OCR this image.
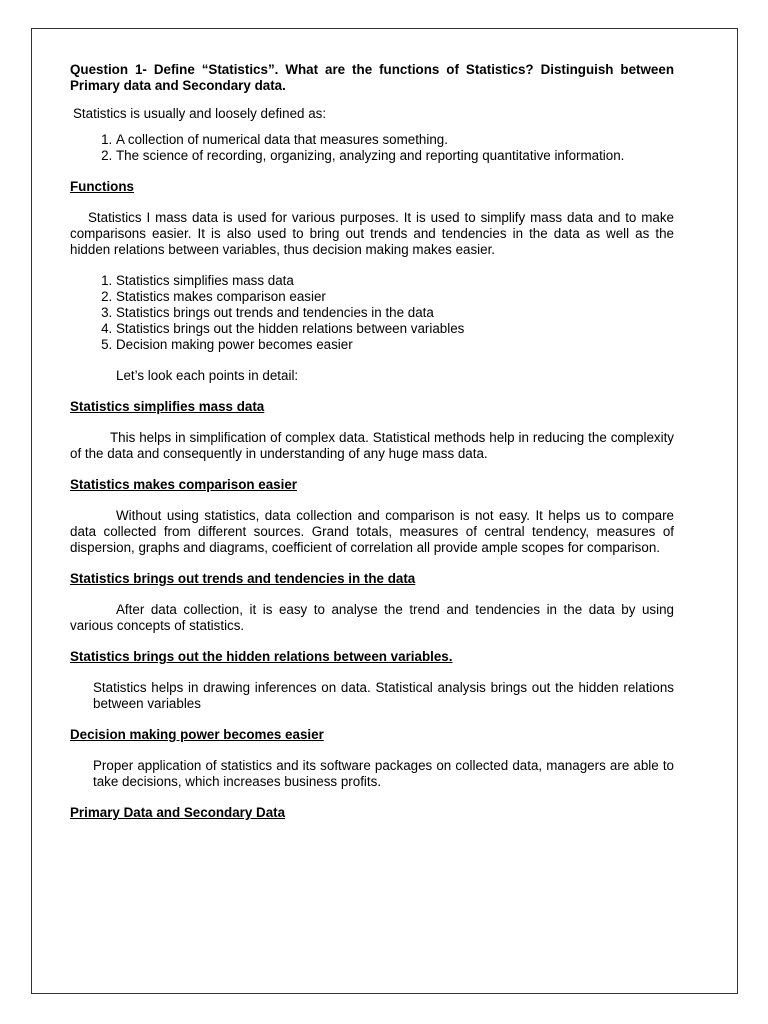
Question 1- Define “Statistics”. What are the functions of Statistics? Distinguish between Primary data and Secondary data.

Statistics is usually and loosely defined as:

1. A collection of numerical data that measures something.
2. The science of recording, organizing, analyzing and reporting quantitative information.

Functions

Statistics I mass data is used for various purposes. It is used to simplify mass data and to make comparisons easier. It is also used to bring out trends and tendencies in the data as well as the hidden relations between variables, thus decision making makes easier.

1. Statistics simplifies mass data
2. Statistics makes comparison easier
3. Statistics brings out trends and tendencies in the data
4. Statistics brings out the hidden relations between variables
5. Decision making power becomes easier

Let’s look each points in detail:

Statistics simplifies mass data

This helps in simplification of complex data. Statistical methods help in reducing the complexity of the data and consequently in understanding of any huge mass data.

Statistics makes comparison easier

Without using statistics, data collection and comparison is not easy. It helps us to compare data collected from different sources. Grand totals, measures of central tendency, measures of dispersion, graphs and diagrams, coefficient of correlation all provide ample scopes for comparison.

Statistics brings out trends and tendencies in the data

After data collection, it is easy to analyse the trend and tendencies in the data by using various concepts of statistics.

Statistics brings out the hidden relations between variables.

Statistics helps in drawing inferences on data. Statistical analysis brings out the hidden relations between variables

Decision making power becomes easier

Proper application of statistics and its software packages on collected data, managers are able to take decisions, which increases business profits.

Primary Data and Secondary Data
